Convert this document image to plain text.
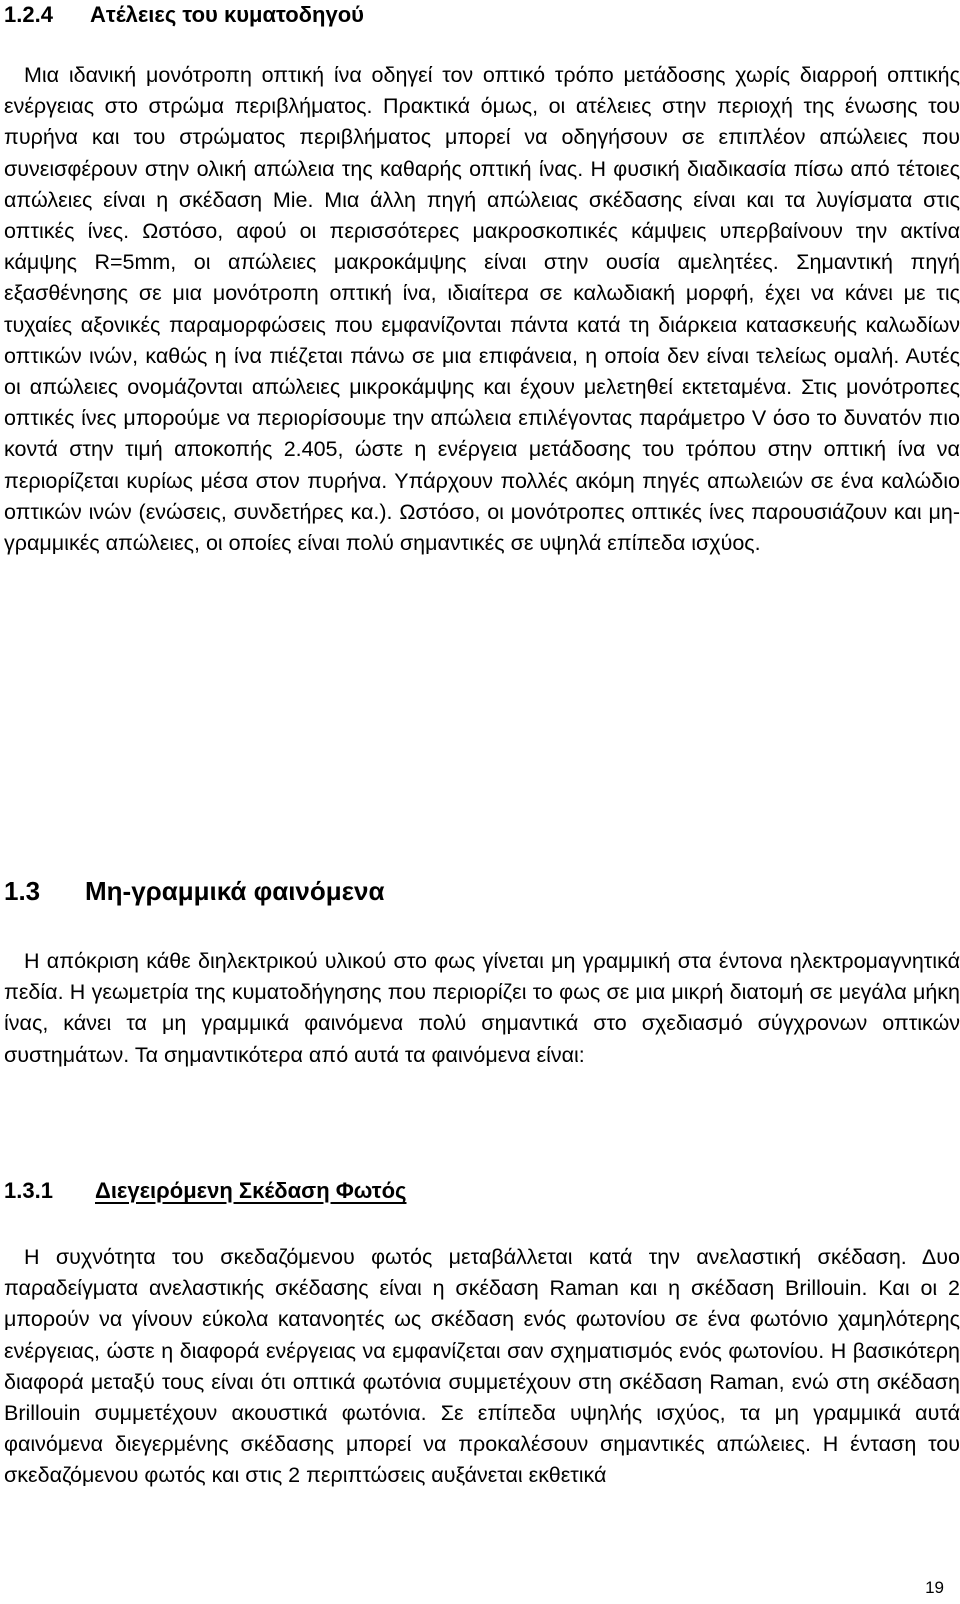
1.2.4 Ατέλειες του κυματοδηγού

Μια ιδανική μονότροπη οπτική ίνα οδηγεί τον οπτικό τρόπο μετάδοσης χωρίς διαρροή οπτικής ενέργειας στο στρώμα περιβλήματος. Πρακτικά όμως, οι ατέλειες στην περιοχή της ένωσης του πυρήνα και του στρώματος περιβλήματος μπορεί να οδηγήσουν σε επιπλέον απώλειες που συνεισφέρουν στην ολική απώλεια της καθαρής οπτική ίνας. Η φυσική διαδικασία πίσω από τέτοιες απώλειες είναι η σκέδαση Mie. Μια άλλη πηγή απώλειας σκέδασης είναι και τα λυγίσματα στις οπτικές ίνες. Ωστόσο, αφού οι περισσότερες μακροσκοπικές κάμψεις υπερβαίνουν την ακτίνα κάμψης R=5mm, οι απώλειες μακροκάμψης είναι στην ουσία αμελητέες. Σημαντική πηγή εξασθένησης σε μια μονότροπη οπτική ίνα, ιδιαίτερα σε καλωδιακή μορφή, έχει να κάνει με τις τυχαίες αξονικές παραμορφώσεις που εμφανίζονται πάντα κατά τη διάρκεια κατασκευής καλωδίων οπτικών ινών, καθώς η ίνα πιέζεται πάνω σε μια επιφάνεια, η οποία δεν είναι τελείως ομαλή. Αυτές οι απώλειες ονομάζονται απώλειες μικροκάμψης και έχουν μελετηθεί εκτεταμένα. Στις μονότροπες οπτικές ίνες μπορούμε να περιορίσουμε την απώλεια επιλέγοντας παράμετρο V όσο το δυνατόν πιο κοντά στην τιμή αποκοπής 2.405, ώστε η ενέργεια μετάδοσης του τρόπου στην οπτική ίνα να περιορίζεται κυρίως μέσα στον πυρήνα. Υπάρχουν πολλές ακόμη πηγές απωλειών σε ένα καλώδιο οπτικών ινών (ενώσεις, συνδετήρες κα.). Ωστόσο, οι μονότροπες οπτικές ίνες παρουσιάζουν και μη-γραμμικές απώλειες, οι οποίες είναι πολύ σημαντικές σε υψηλά επίπεδα ισχύος.

1.3 Μη-γραμμικά φαινόμενα

Η απόκριση κάθε διηλεκτρικού υλικού στο φως γίνεται μη γραμμική στα έντονα ηλεκτρομαγνητικά πεδία. Η γεωμετρία της κυματοδήγησης που περιορίζει το φως σε μια μικρή διατομή σε μεγάλα μήκη ίνας, κάνει τα μη γραμμικά φαινόμενα πολύ σημαντικά στο σχεδιασμό σύγχρονων οπτικών συστημάτων. Τα σημαντικότερα από αυτά τα φαινόμενα είναι:

1.3.1 Διεγειρόμενη Σκέδαση Φωτός

Η συχνότητα του σκεδαζόμενου φωτός μεταβάλλεται κατά την ανελαστική σκέδαση. Δυο παραδείγματα ανελαστικής σκέδασης είναι η σκέδαση Raman και η σκέδαση Brillouin. Και οι 2 μπορούν να γίνουν εύκολα κατανοητές ως σκέδαση ενός φωτονίου σε ένα φωτόνιο χαμηλότερης ενέργειας, ώστε η διαφορά ενέργειας να εμφανίζεται σαν σχηματισμός ενός φωτονίου. Η βασικότερη διαφορά μεταξύ τους είναι ότι οπτικά φωτόνια συμμετέχουν στη σκέδαση Raman, ενώ στη σκέδαση Brillouin συμμετέχουν ακουστικά φωτόνια. Σε επίπεδα υψηλής ισχύος, τα μη γραμμικά αυτά φαινόμενα διεγερμένης σκέδασης μπορεί να προκαλέσουν σημαντικές απώλειες. Η ένταση του σκεδαζόμενου φωτός και στις 2 περιπτώσεις αυξάνεται εκθετικά

19
